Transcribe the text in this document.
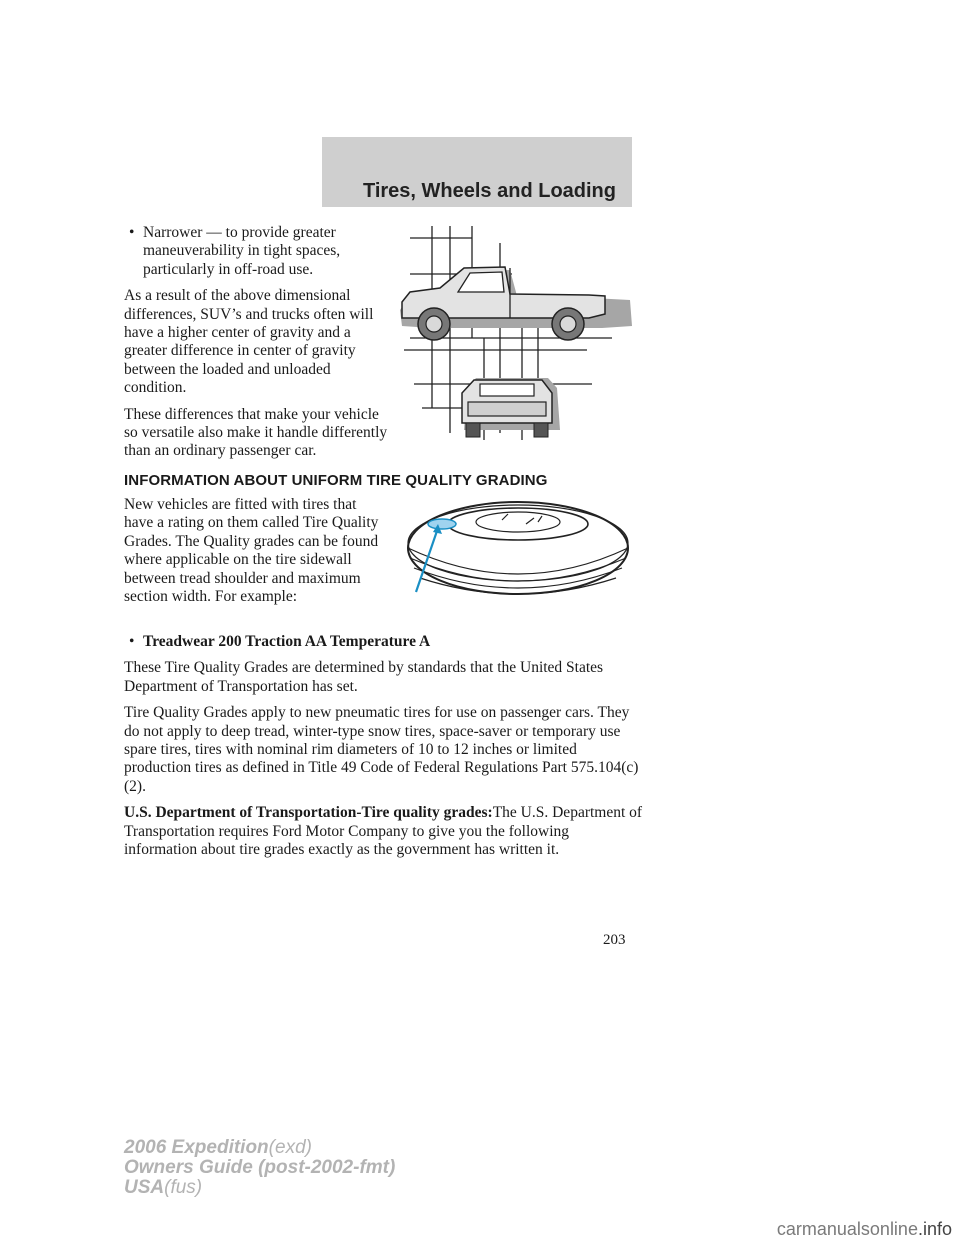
Tires, Wheels and Loading

• Narrower — to provide greater maneuverability in tight spaces, particularly in off-road use.

As a result of the above dimensional differences, SUV’s and trucks often will have a higher center of gravity and a greater difference in center of gravity between the loaded and unloaded condition.

These differences that make your vehicle so versatile also make it handle differently than an ordinary passenger car.

INFORMATION ABOUT UNIFORM TIRE QUALITY GRADING

New vehicles are fitted with tires that have a rating on them called Tire Quality Grades. The Quality grades can be found where applicable on the tire sidewall between tread shoulder and maximum section width. For example:

• Treadwear 200 Traction AA Temperature A

These Tire Quality Grades are determined by standards that the United States Department of Transportation has set.

Tire Quality Grades apply to new pneumatic tires for use on passenger cars. They do not apply to deep tread, winter-type snow tires, space-saver or temporary use spare tires, tires with nominal rim diameters of 10 to 12 inches or limited production tires as defined in Title 49 Code of Federal Regulations Part 575.104(c)(2).

U.S. Department of Transportation-Tire quality grades:The U.S. Department of Transportation requires Ford Motor Company to give you the following information about tire grades exactly as the government has written it.

203
2006 Expedition(exd)
Owners Guide (post-2002-fmt)
USA(fus)
carmanualsonline.info
